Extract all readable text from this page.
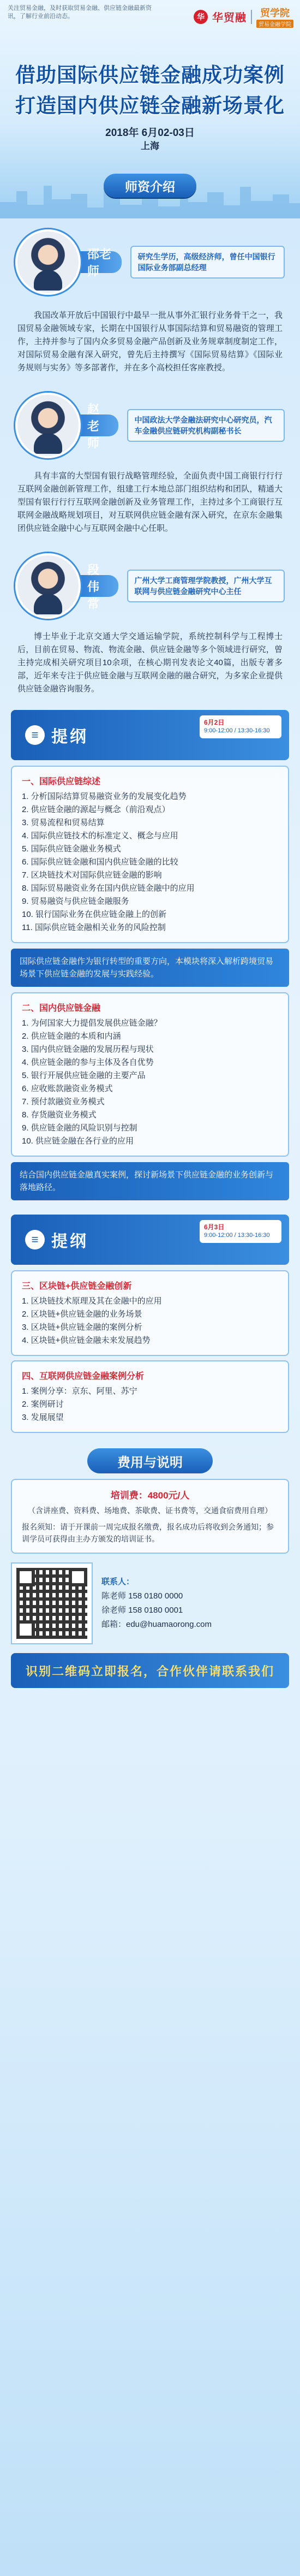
关注贸易金融，及时获取贸易金融、供应链金融最新资讯，了解行业前沿动态。	华 华贸融 贸学院
贸易金融学院
借助国际供应链金融成功案例
打造国内供应链金融新场景化
2018年 6月02-03日
上海
师资介绍
邵老师
研究生学历，高级经济师，曾任中国银行国际业务部副总经理

我国改革开放后中国银行中最早一批从事外汇银行业务骨干之一，我国贸易金融领域专家，长期在中国银行从事国际结算和贸易融资的管理工作，主持并参与了国内众多贸易金融产品创新及业务规章制度制定工作，对国际贸易金融有深入研究，曾先后主持撰写《国际贸易结算》《国际业务规则与实务》等多部著作，并在多个高校担任客座教授。

赵老师
中国政法大学金融法研究中心研究员，汽车金融供应链研究机构副秘书长

具有丰富的大型国有银行战略管理经验，全面负责中国工商银行行行互联网金融创新管理工作，组建工行本地总部门组织结构和团队，精通大型国有银行行行互联网金融创新及业务管理工作，主持过多个工商银行互联网金融战略规划项目，对互联网供应链金融有深入研究，在京东金融集团供应链金融中心与互联网金融中心任职。

段伟常
广州大学工商管理学院教授，广州大学互联网与供应链金融研究中心主任

博士毕业于北京交通大学交通运输学院，系统控制科学与工程博士后，目前在贸易、物流、物流金融、供应链金融等多个领域进行研究，曾主持完成相关研究项目10余项，在核心期刊发表论文40篇，出版专著多部，近年来专注于供应链金融与互联网金融的融合研究，为多家企业提供供应链金融咨询服务。

≡ 提纲
6月2日
9:00-12:00 / 13:30-16:30
一、国际供应链综述
1. 分析国际结算贸易融资业务的发展变化趋势
2. 供应链金融的源起与概念（前沿观点）
3. 贸易流程和贸易结算
4. 国际供应链技术的标准定义、概念与应用
5. 国际供应链金融业务模式
6. 国际供应链金融和国内供应链金融的比较
7. 区块链技术对国际供应链金融的影响
8. 国际贸易融资业务在国内供应链金融中的应用
9. 贸易融资与供应链金融服务
10. 银行国际业务在供应链金融上的创新
11. 国际供应链金融相关业务的风险控制
国际供应链金融作为银行转型的重要方向，本模块将深入解析跨境贸易场景下供应链金融的发展与实践经验。
二、国内供应链金融
1. 为何国家大力提倡发展供应链金融？
2. 供应链金融的本质和内涵
3. 国内供应链金融的发展历程与现状
4. 供应链金融的参与主体及各自优势
5. 银行开展供应链金融的主要产品
6. 应收账款融资业务模式
7. 预付款融资业务模式
8. 存货融资业务模式
9. 供应链金融的风险识别与控制
10. 供应链金融在各行业的应用
结合国内供应链金融真实案例，探讨新场景下供应链金融的业务创新与落地路径。
≡ 提纲
6月3日
9:00-12:00 / 13:30-16:30
三、区块链+供应链金融创新
1. 区块链技术原理及其在金融中的应用
2. 区块链+供应链金融的业务场景
3. 区块链+供应链金融的案例分析
4. 区块链+供应链金融未来发展趋势
四、互联网供应链金融案例分析
1. 案例分享：京东、阿里、苏宁
2. 案例研讨
3. 发展展望
费用与说明
培训费：4800元/人
（含讲座费、资料费、场地费、茶歇费、证书费等，交通食宿费用自理）
报名须知：请于开课前一周完成报名缴费，报名成功后将收到会务通知；参训学员可获得由主办方颁发的培训证书。
联系人：
陈老师 158 0180 0000
徐老师 158 0180 0001
邮箱：edu@huamaorong.com
识别二维码立即报名，合作伙伴请联系我们
